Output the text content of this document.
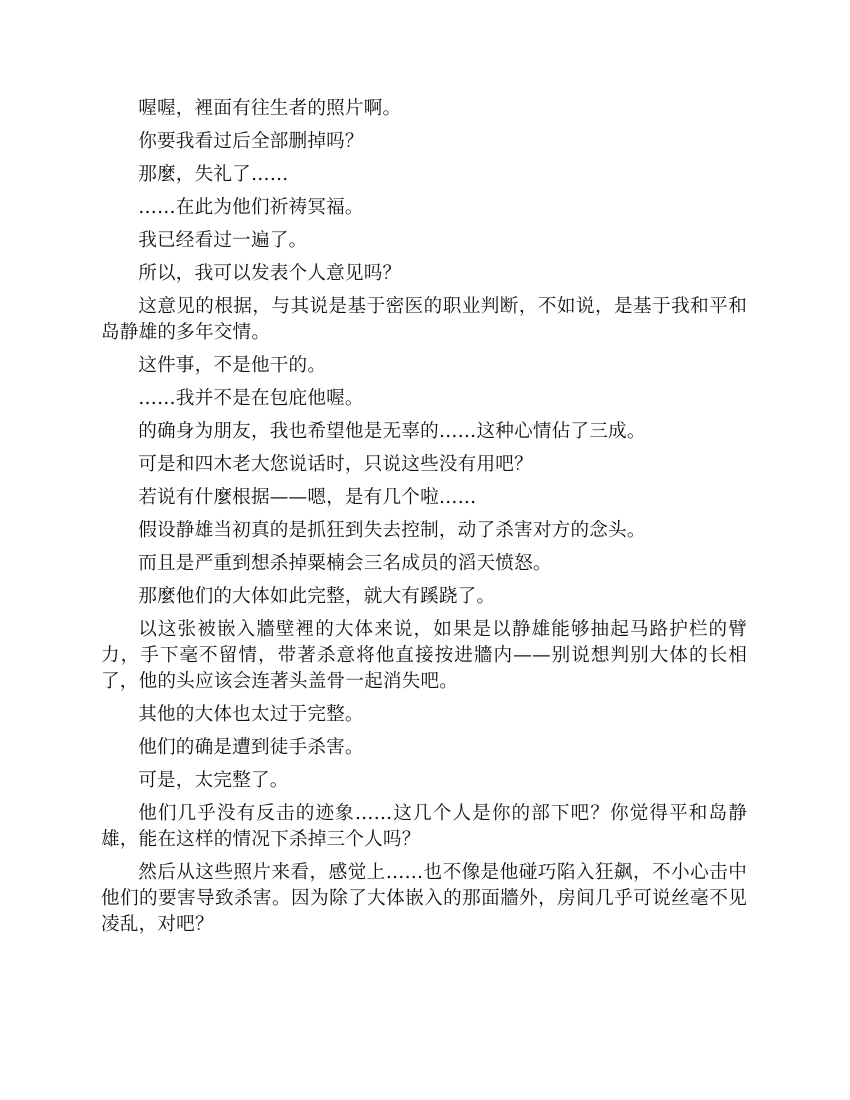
喔喔，裡面有往生者的照片啊。

你要我看过后全部删掉吗？

那麼，失礼了……

……在此为他们祈祷冥福。

我已经看过一遍了。

所以，我可以发表个人意见吗？

这意见的根据，与其说是基于密医的职业判断，不如说，是基于我和平和岛静雄的多年交情。

这件事，不是他干的。

……我并不是在包庇他喔。

的确身为朋友，我也希望他是无辜的……这种心情佔了三成。

可是和四木老大您说话时，只说这些没有用吧？

若说有什麼根据——嗯，是有几个啦……

假设静雄当初真的是抓狂到失去控制，动了杀害对方的念头。

而且是严重到想杀掉粟楠会三名成员的滔天愤怒。

那麼他们的大体如此完整，就大有蹊跷了。

以这张被嵌入牆壁裡的大体来说，如果是以静雄能够抽起马路护栏的臂力，手下毫不留情，带著杀意将他直接按进牆内——别说想判别大体的长相了，他的头应该会连著头盖骨一起消失吧。

其他的大体也太过于完整。

他们的确是遭到徒手杀害。

可是，太完整了。

他们几乎没有反击的迹象……这几个人是你的部下吧？你觉得平和岛静雄，能在这样的情况下杀掉三个人吗？

然后从这些照片来看，感觉上……也不像是他碰巧陷入狂飙，不小心击中他们的要害导致杀害。因为除了大体嵌入的那面牆外，房间几乎可说丝毫不见凌乱，对吧？
